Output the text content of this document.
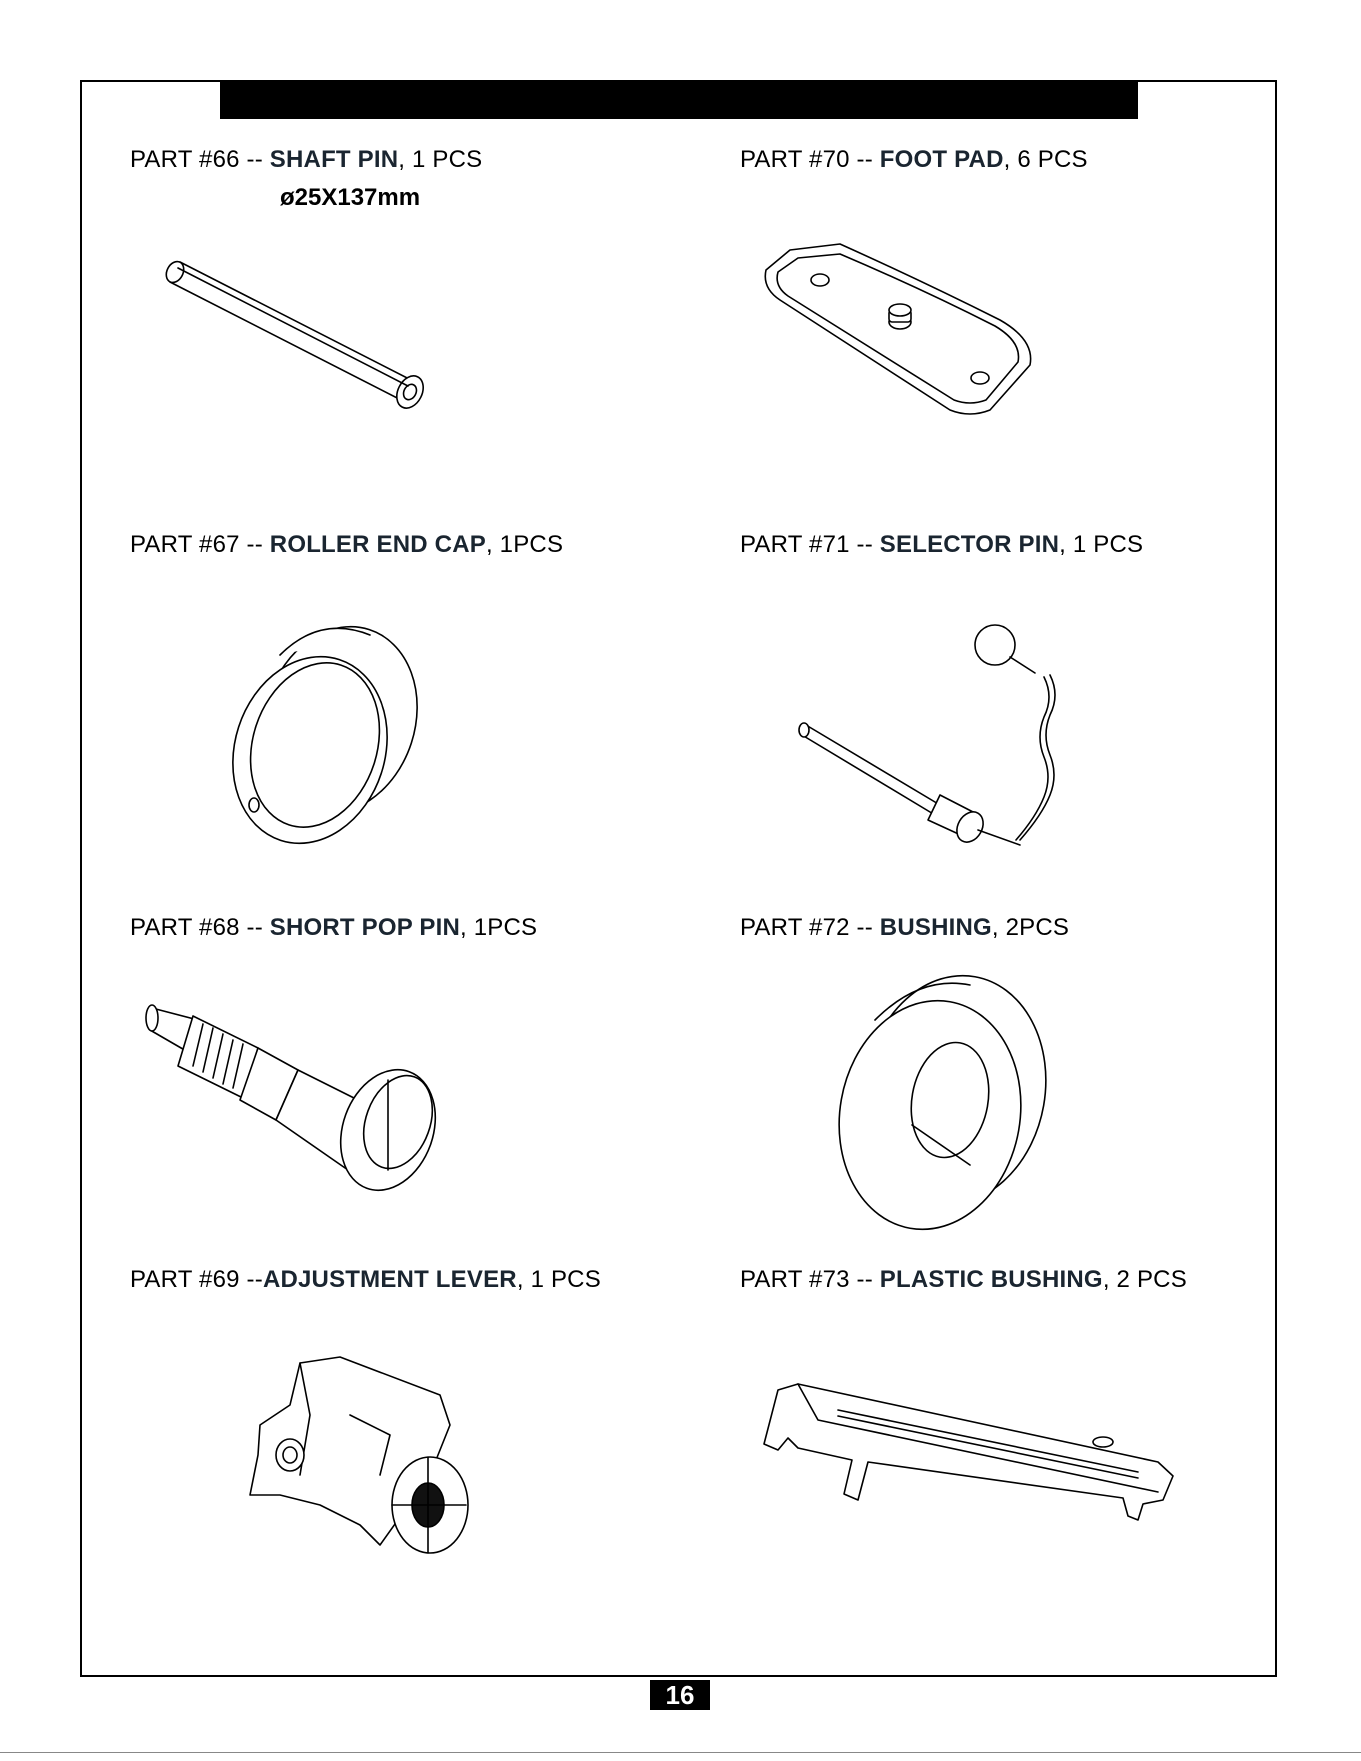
PART #66 -- SHAFT PIN, 1 PCS
ø25X137mm
PART #70 -- FOOT PAD, 6 PCS
PART #67 -- ROLLER END CAP, 1PCS	PART #71 -- SELECTOR PIN, 1 PCS
PART #68 -- SHORT POP PIN, 1PCS	PART #72 -- BUSHING, 2PCS
PART #69 --ADJUSTMENT LEVER, 1 PCS	PART #73 -- PLASTIC BUSHING, 2 PCS
16
